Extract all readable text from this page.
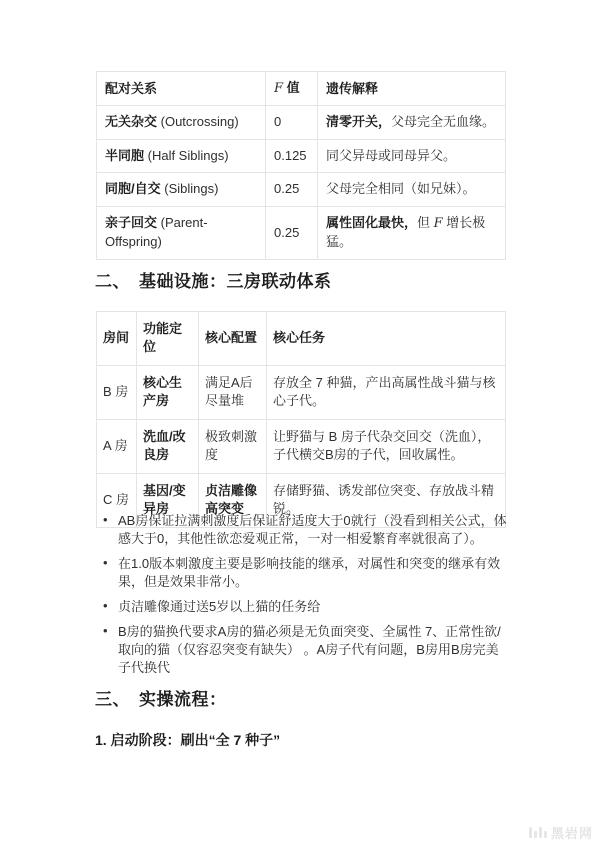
配对关系	F 值	遗传解释
无关杂交 (Outcrossing)	0	清零开关，父母完全无血缘。
半同胞 (Half Siblings)	0.125	同父异母或同母异父。
同胞/自交 (Siblings)	0.25	父母完全相同（如兄妹）。
亲子回交 (Parent-Offspring)	0.25	属性固化最快，但 F 增长极猛。
二、　基础设施：三房联动体系
房间	功能定位	核心配置	核心任务
B 房	核心生产房	满足A后尽量堆	存放全 7 种猫，产出高属性战斗猫与核心子代。
A 房	洗血/改良房	极致刺激度	让野猫与 B 房子代杂交回交（洗血），子代横交B房的子代，回收属性。
C 房	基因/变异房	贞洁雕像高突变	存储野猫、诱发部位突变、存放战斗精锐。
• AB房保证拉满刺激度后保证舒适度大于0就行（没看到相关公式，体感大于0，其他性欲恋爱观正常，一对一相爱繁育率就很高了）。
• 在1.0版本刺激度主要是影响技能的继承，对属性和突变的继承有效果，但是效果非常小。
• 贞洁雕像通过送5岁以上猫的任务给
• B房的猫换代要求A房的猫必须是无负面突变、全属性 7、正常性欲/取向的猫（仅容忍突变有缺失） 。A房子代有问题，B房用B房完美子代换代
三、　实操流程：
1. 启动阶段：刷出“全 7 种子”
黑岩网
